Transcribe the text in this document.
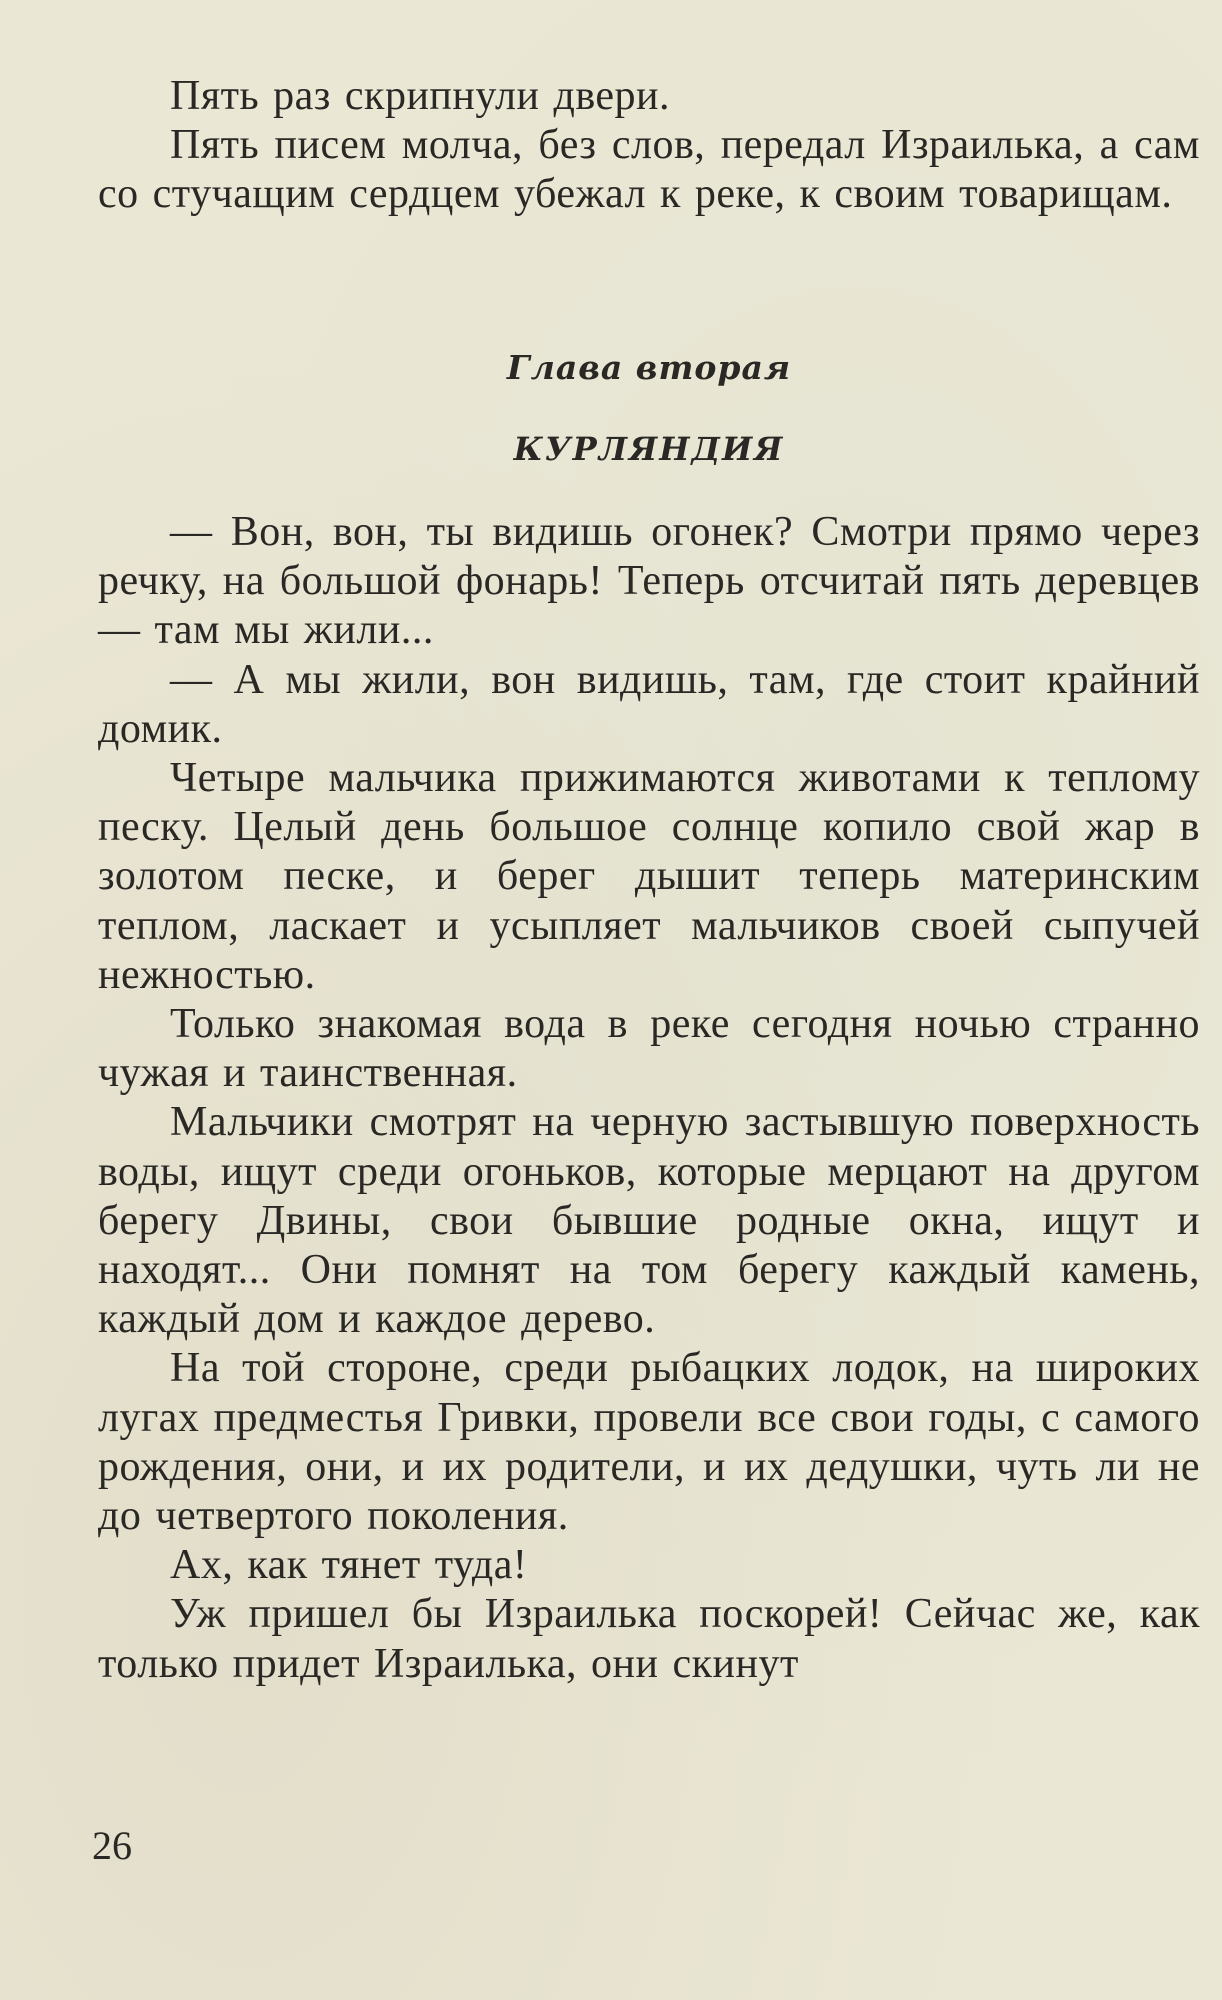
Пять раз скрипнули двери.

Пять писем молча, без слов, передал Израилька, а сам со стучащим сердцем убежал к реке, к своим товарищам.

Глава вторая

КУРЛЯНДИЯ

— Вон, вон, ты видишь огонек? Смотри прямо через речку, на большой фонарь! Теперь отсчитай пять деревцев — там мы жили...

— А мы жили, вон видишь, там, где стоит крайний домик.

Четыре мальчика прижимаются животами к теплому песку. Целый день большое солнце копило свой жар в золотом песке, и берег дышит теперь материнским теплом, ласкает и усыпляет мальчиков своей сыпучей нежностью.

Только знакомая вода в реке сегодня ночью странно чужая и таинственная.

Мальчики смотрят на черную застывшую поверхность воды, ищут среди огоньков, которые мерцают на другом берегу Двины, свои бывшие родные окна, ищут и находят... Они помнят на том берегу каждый камень, каждый дом и каждое дерево.

На той стороне, среди рыбацких лодок, на широких лугах предместья Гривки, провели все свои годы, с самого рождения, они, и их родители, и их дедушки, чуть ли не до четвертого поколения.

Ах, как тянет туда!

Уж пришел бы Израилька поскорей! Сейчас же, как только придет Израилька, они скинут

26
